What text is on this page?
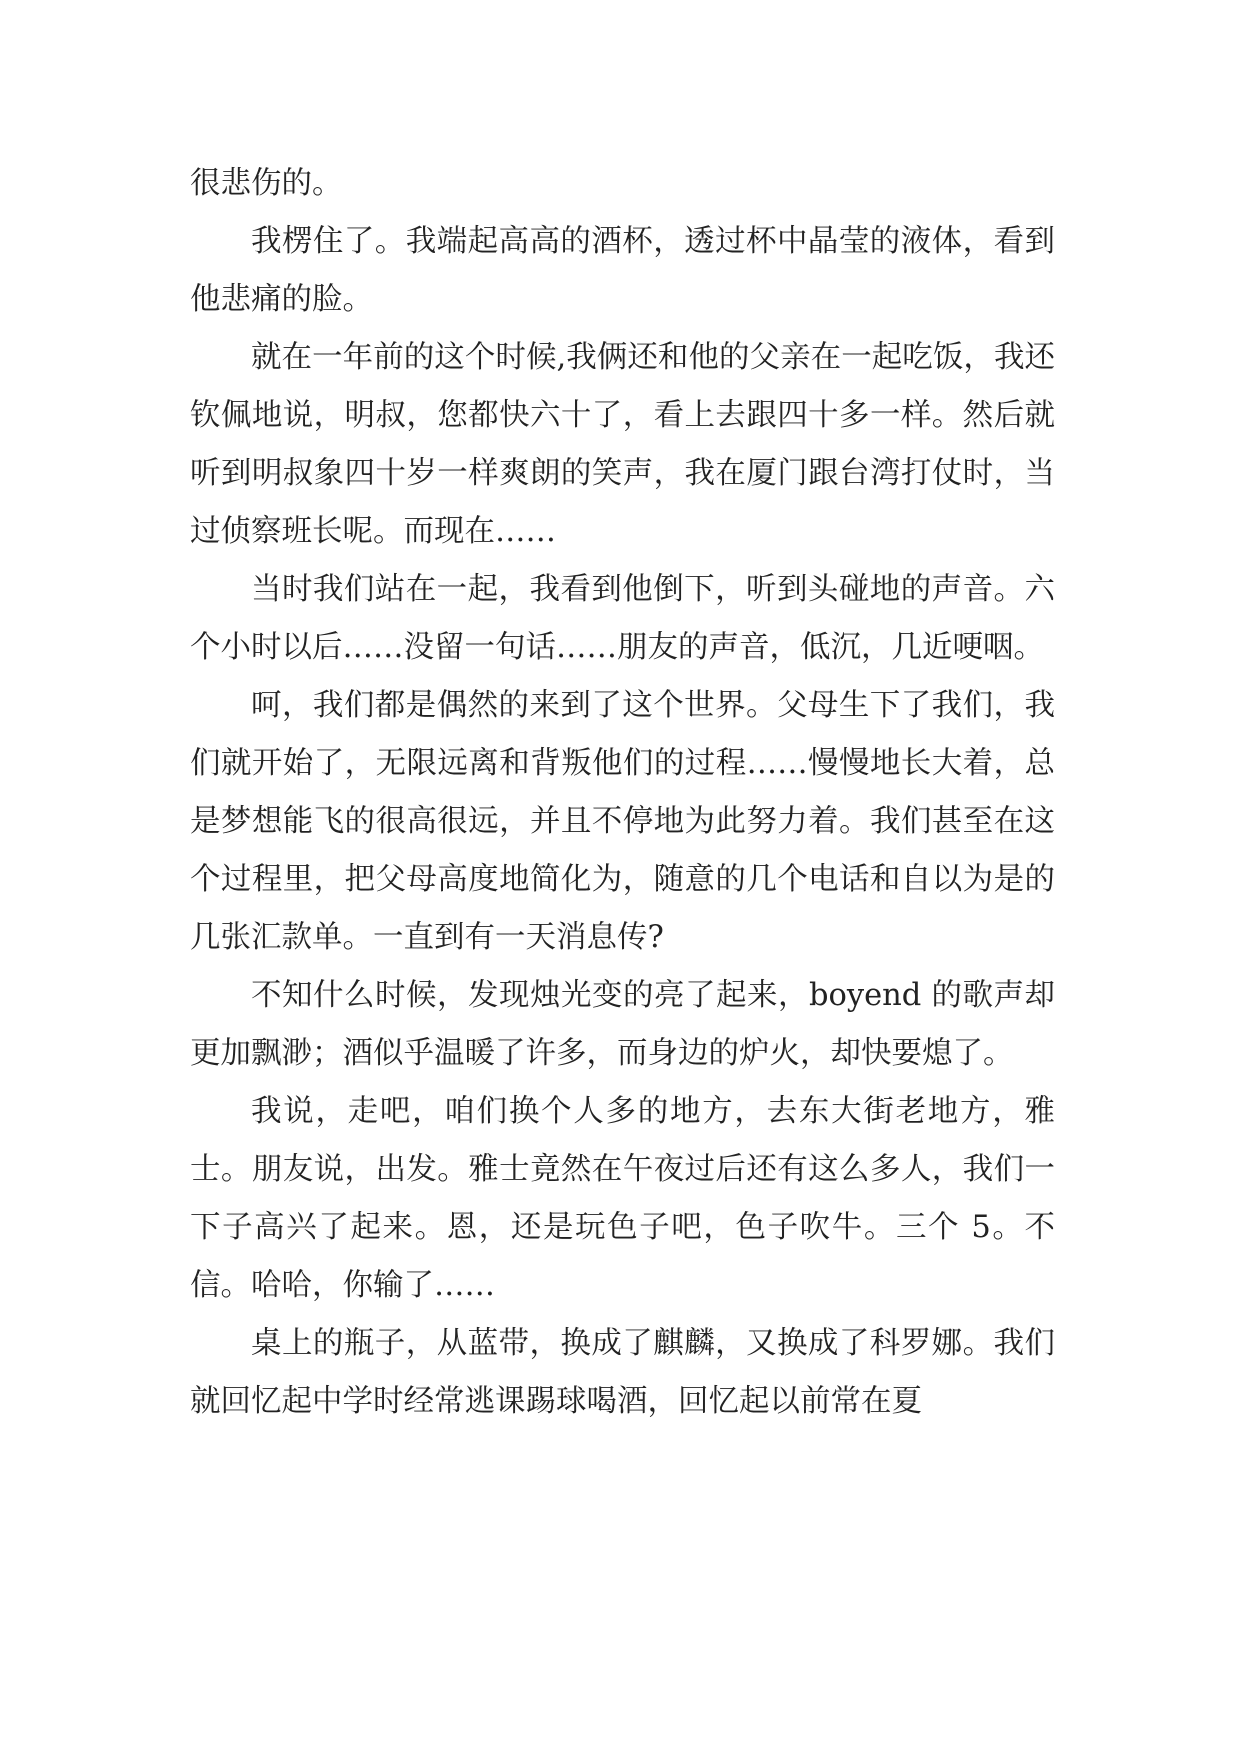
很悲伤的。

我楞住了。我端起高高的酒杯，透过杯中晶莹的液体，看到他悲痛的脸。

就在一年前的这个时候,我俩还和他的父亲在一起吃饭，我还钦佩地说，明叔，您都快六十了，看上去跟四十多一样。然后就听到明叔象四十岁一样爽朗的笑声，我在厦门跟台湾打仗时，当过侦察班长呢。而现在……

当时我们站在一起，我看到他倒下，听到头碰地的声音。六个小时以后……没留一句话……朋友的声音，低沉，几近哽咽。

呵，我们都是偶然的来到了这个世界。父母生下了我们，我们就开始了，无限远离和背叛他们的过程……慢慢地长大着，总是梦想能飞的很高很远，并且不停地为此努力着。我们甚至在这个过程里，把父母高度地简化为，随意的几个电话和自以为是的几张汇款单。一直到有一天消息传?

不知什么时候，发现烛光变的亮了起来，boyend 的歌声却更加飘渺；酒似乎温暖了许多，而身边的炉火，却快要熄了。

我说，走吧，咱们换个人多的地方，去东大街老地方，雅士。朋友说，出发。雅士竟然在午夜过后还有这么多人，我们一下子高兴了起来。恩，还是玩色子吧，色子吹牛。三个 5。不信。哈哈，你输了……

桌上的瓶子，从蓝带，换成了麒麟，又换成了科罗娜。我们就回忆起中学时经常逃课踢球喝酒，回忆起以前常在夏
